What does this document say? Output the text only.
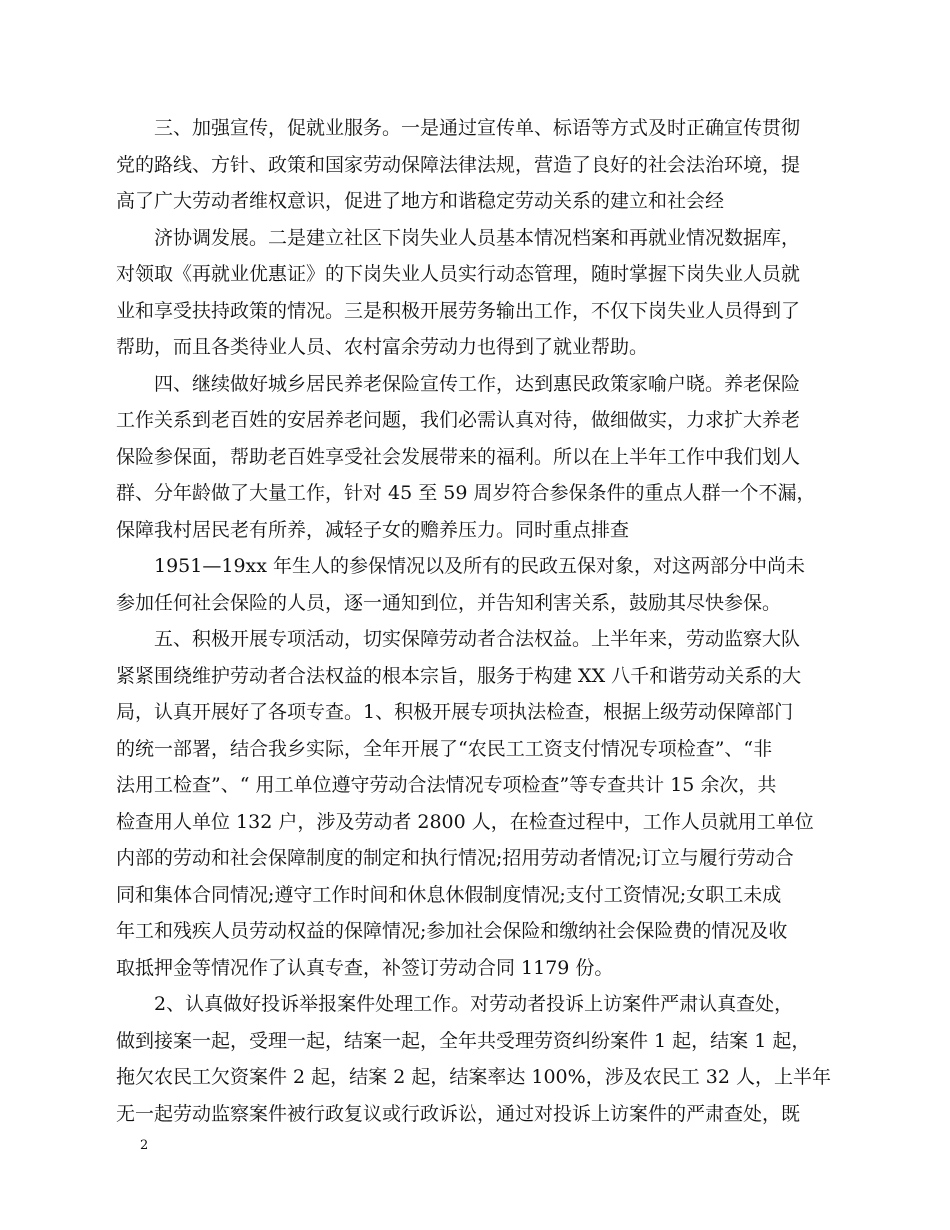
三、加强宣传，促就业服务。一是通过宣传单、标语等方式及时正确宣传贯彻
党的路线、方针、政策和国家劳动保障法律法规，营造了良好的社会法治环境，提
高了广大劳动者维权意识，促进了地方和谐稳定劳动关系的建立和社会经
济协调发展。二是建立社区下岗失业人员基本情况档案和再就业情况数据库，
对领取《再就业优惠证》的下岗失业人员实行动态管理，随时掌握下岗失业人员就
业和享受扶持政策的情况。三是积极开展劳务输出工作，不仅下岗失业人员得到了
帮助，而且各类待业人员、农村富余劳动力也得到了就业帮助。
四、继续做好城乡居民养老保险宣传工作，达到惠民政策家喻户晓。养老保险
工作关系到老百姓的安居养老问题，我们必需认真对待，做细做实，力求扩大养老
保险参保面，帮助老百姓享受社会发展带来的福利。所以在上半年工作中我们划人
群、分年龄做了大量工作，针对 45 至 59 周岁符合参保条件的重点人群一个不漏，
保障我村居民老有所养，减轻子女的赡养压力。同时重点排查
1951—19xx 年生人的参保情况以及所有的民政五保对象，对这两部分中尚未
参加任何社会保险的人员，逐一通知到位，并告知利害关系，鼓励其尽快参保。
五、积极开展专项活动，切实保障劳动者合法权益。上半年来，劳动监察大队
紧紧围绕维护劳动者合法权益的根本宗旨，服务于构建 XX 八千和谐劳动关系的大
局，认真开展好了各项专查。1、积极开展专项执法检查，根据上级劳动保障部门
的统一部署，结合我乡实际，全年开展了“农民工工资支付情况专项检查”、“非
法用工检查”、“ 用工单位遵守劳动合法情况专项检查”等专查共计 15 余次，共
检查用人单位 132 户，涉及劳动者 2800 人，在检查过程中，工作人员就用工单位
内部的劳动和社会保障制度的制定和执行情况;招用劳动者情况;订立与履行劳动合
同和集体合同情况;遵守工作时间和休息休假制度情况;支付工资情况;女职工未成
年工和残疾人员劳动权益的保障情况;参加社会保险和缴纳社会保险费的情况及收
取抵押金等情况作了认真专查，补签订劳动合同 1179 份。
2、认真做好投诉举报案件处理工作。对劳动者投诉上访案件严肃认真查处，
做到接案一起，受理一起，结案一起，全年共受理劳资纠纷案件 1 起，结案 1 起，
拖欠农民工欠资案件 2 起，结案 2 起，结案率达 100%，涉及农民工 32 人，上半年
无一起劳动监察案件被行政复议或行政诉讼，通过对投诉上访案件的严肃查处，既
2
